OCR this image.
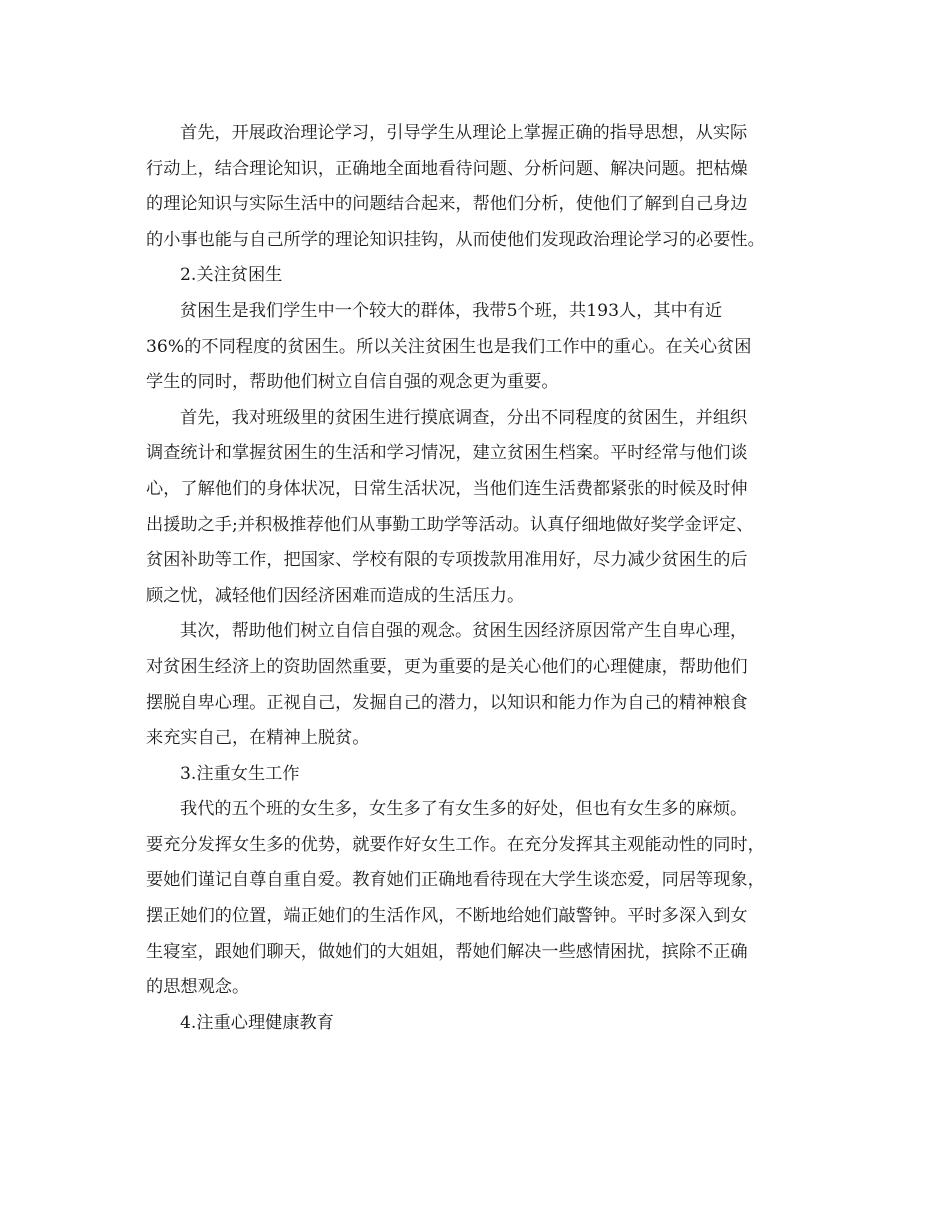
首先，开展政治理论学习，引导学生从理论上掌握正确的指导思想，从实际
行动上，结合理论知识，正确地全面地看待问题、分析问题、解决问题。把枯燥
的理论知识与实际生活中的问题结合起来，帮他们分析，使他们了解到自己身边
的小事也能与自己所学的理论知识挂钩，从而使他们发现政治理论学习的必要性。
2.关注贫困生
贫困生是我们学生中一个较大的群体，我带5个班，共193人，其中有近
36%的不同程度的贫困生。所以关注贫困生也是我们工作中的重心。在关心贫困
学生的同时，帮助他们树立自信自强的观念更为重要。
首先，我对班级里的贫困生进行摸底调查，分出不同程度的贫困生，并组织
调查统计和掌握贫困生的生活和学习情况，建立贫困生档案。平时经常与他们谈
心，了解他们的身体状况，日常生活状况，当他们连生活费都紧张的时候及时伸
出援助之手;并积极推荐他们从事勤工助学等活动。认真仔细地做好奖学金评定、
贫困补助等工作，把国家、学校有限的专项拨款用准用好，尽力减少贫困生的后
顾之忧，减轻他们因经济困难而造成的生活压力。
其次，帮助他们树立自信自强的观念。贫困生因经济原因常产生自卑心理，
对贫困生经济上的资助固然重要，更为重要的是关心他们的心理健康，帮助他们
摆脱自卑心理。正视自己，发掘自己的潜力，以知识和能力作为自己的精神粮食
来充实自己，在精神上脱贫。
3.注重女生工作
我代的五个班的女生多，女生多了有女生多的好处，但也有女生多的麻烦。
要充分发挥女生多的优势，就要作好女生工作。在充分发挥其主观能动性的同时，
要她们谨记自尊自重自爱。教育她们正确地看待现在大学生谈恋爱，同居等现象，
摆正她们的位置，端正她们的生活作风，不断地给她们敲警钟。平时多深入到女
生寝室，跟她们聊天，做她们的大姐姐，帮她们解决一些感情困扰，摈除不正确
的思想观念。
4.注重心理健康教育
